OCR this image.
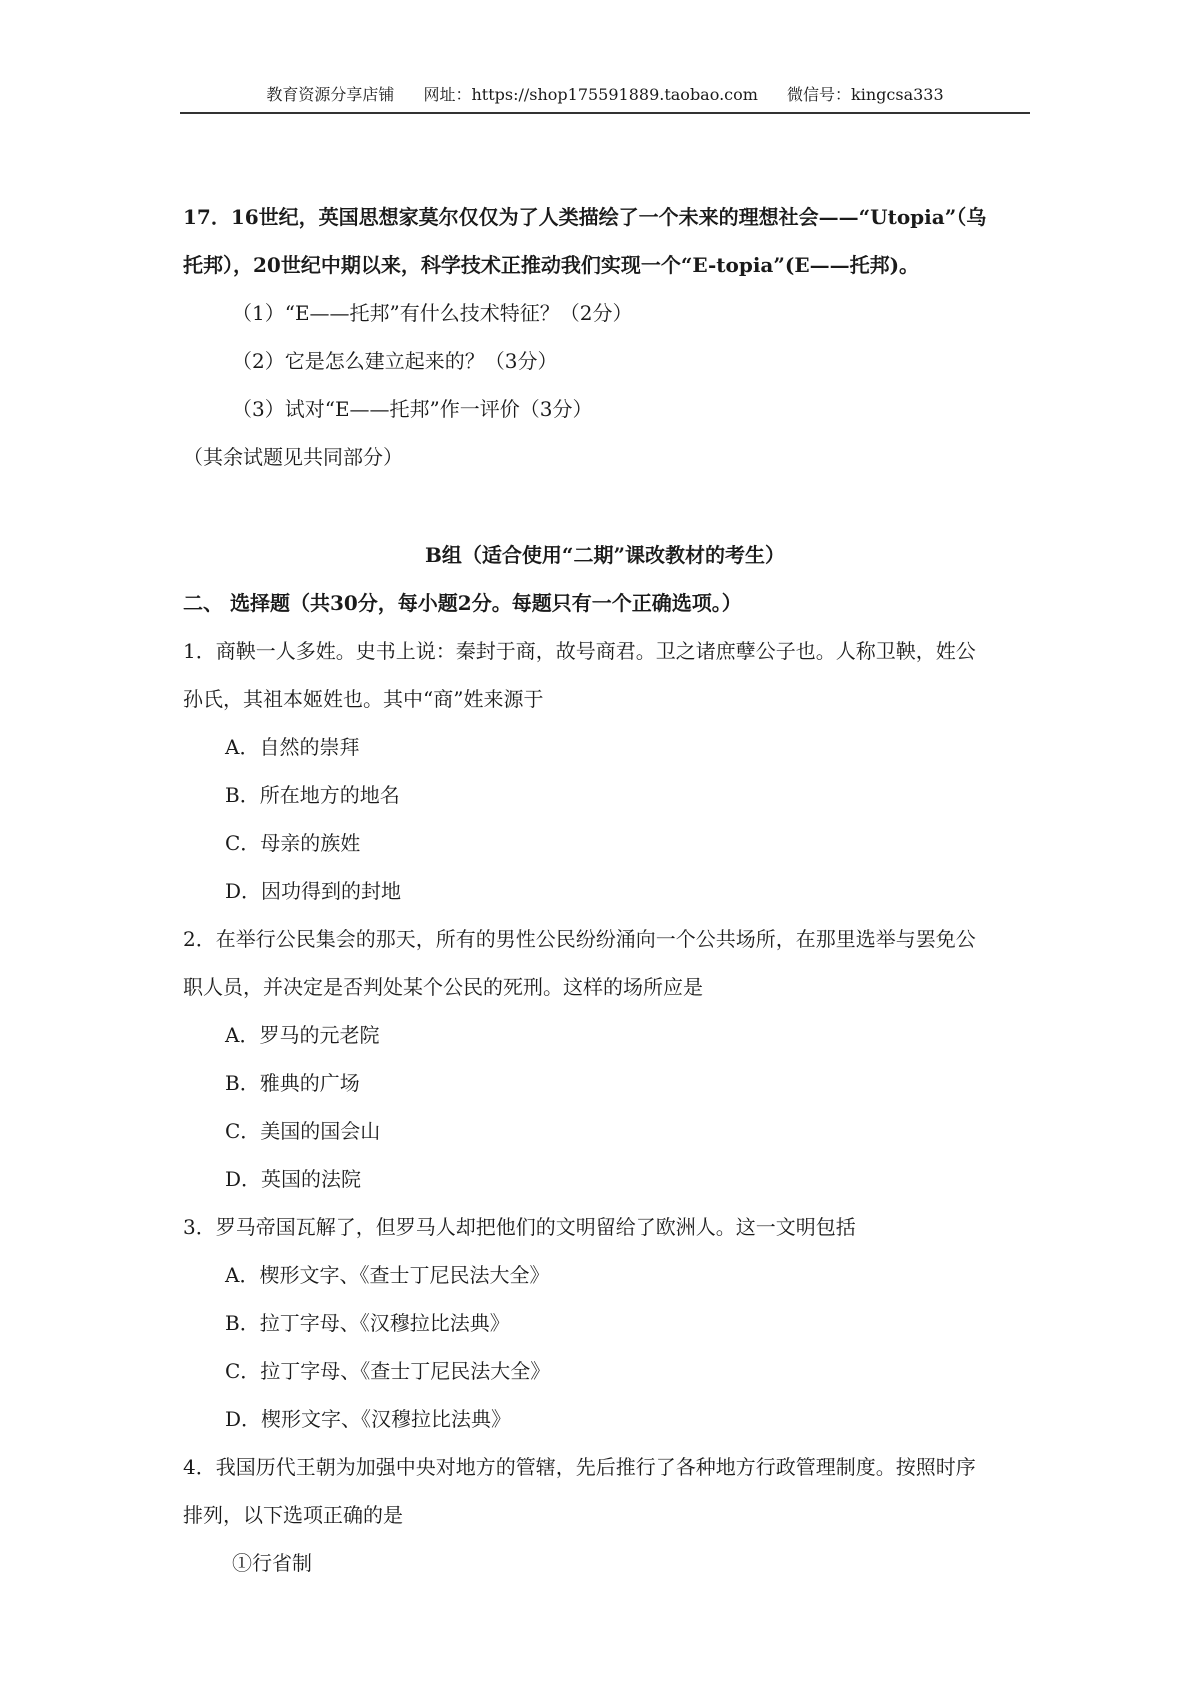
教育资源分享店铺 网址：https://shop175591889.taobao.com 微信号：kingcsa333
17．16世纪，英国思想家莫尔仅仅为了人类描绘了一个未来的理想社会——“Utopia”（乌
托邦），20世纪中期以来，科学技术正推动我们实现一个“E-topia”(E——托邦)。
（1）“E——托邦”有什么技术特征？（2分）
（2）它是怎么建立起来的？（3分）
（3）试对“E——托邦”作一评价（3分）
（其余试题见共同部分）
B组（适合使用“二期”课改教材的考生）
二、 选择题（共30分，每小题2分。每题只有一个正确选项。）
1．商鞅一人多姓。史书上说：秦封于商，故号商君。卫之诸庶孽公子也。人称卫鞅，姓公
孙氏，其祖本姬姓也。其中“商”姓来源于
A．自然的崇拜
B．所在地方的地名
C．母亲的族姓
D．因功得到的封地
2．在举行公民集会的那天，所有的男性公民纷纷涌向一个公共场所，在那里选举与罢免公
职人员，并决定是否判处某个公民的死刑。这样的场所应是
A．罗马的元老院
B．雅典的广场
C．美国的国会山
D．英国的法院
3．罗马帝国瓦解了，但罗马人却把他们的文明留给了欧洲人。这一文明包括
A．楔形文字、《查士丁尼民法大全》
B．拉丁字母、《汉穆拉比法典》
C．拉丁字母、《查士丁尼民法大全》
D．楔形文字、《汉穆拉比法典》
4．我国历代王朝为加强中央对地方的管辖，先后推行了各种地方行政管理制度。按照时序
排列，以下选项正确的是
①行省制
